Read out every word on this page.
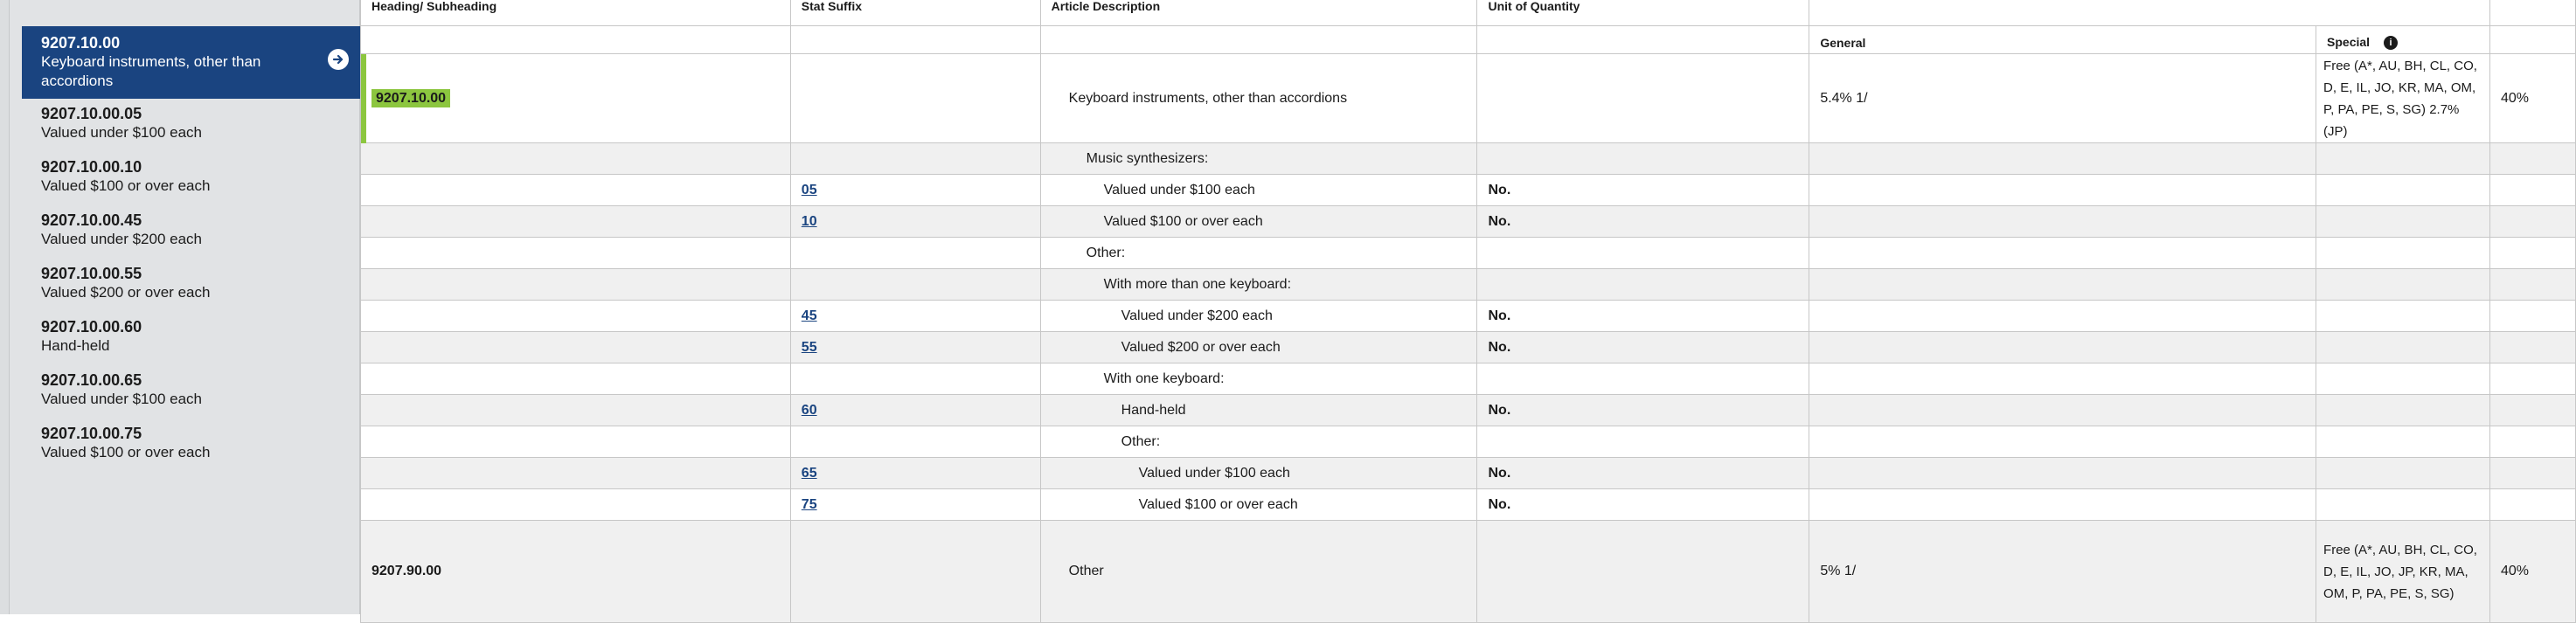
9207.10.00
Keyboard instruments, other than accordions
9207.10.00.05
Valued under $100 each
9207.10.00.10
Valued $100 or over each
9207.10.00.45
Valued under $200 each
9207.10.00.55
Valued $200 or over each
9207.10.00.60
Hand-held
9207.10.00.65
Valued under $100 each
9207.10.00.75
Valued $100 or over each
Heading/ Subheading	Stat Suffix	Article Description	Unit of Quantity			
				General	Special i	

9207.10.00		Keyboard instruments, other than accordions		5.4% 1/	Free (A*, AU, BH, CL, CO, D, E, IL, JO, KR, MA, OM, P, PA, PE, S, SG) 2.7% (JP)	40%
		Music synthesizers:			

	05	Valued under $100 each	No.		

	10	Valued $100 or over each	No.		

		Other:			

		With more than one keyboard:			

	45	Valued under $200 each	No.		

	55	Valued $200 or over each	No.		

		With one keyboard:			

	60	Hand-held	No.		

		Other:			

	65	Valued under $100 each	No.		

	75	Valued $100 or over each	No.		

9207.90.00		Other		5% 1/	Free (A*, AU, BH, CL, CO, D, E, IL, JO, JP, KR, MA, OM, P, PA, PE, S, SG)	40%
